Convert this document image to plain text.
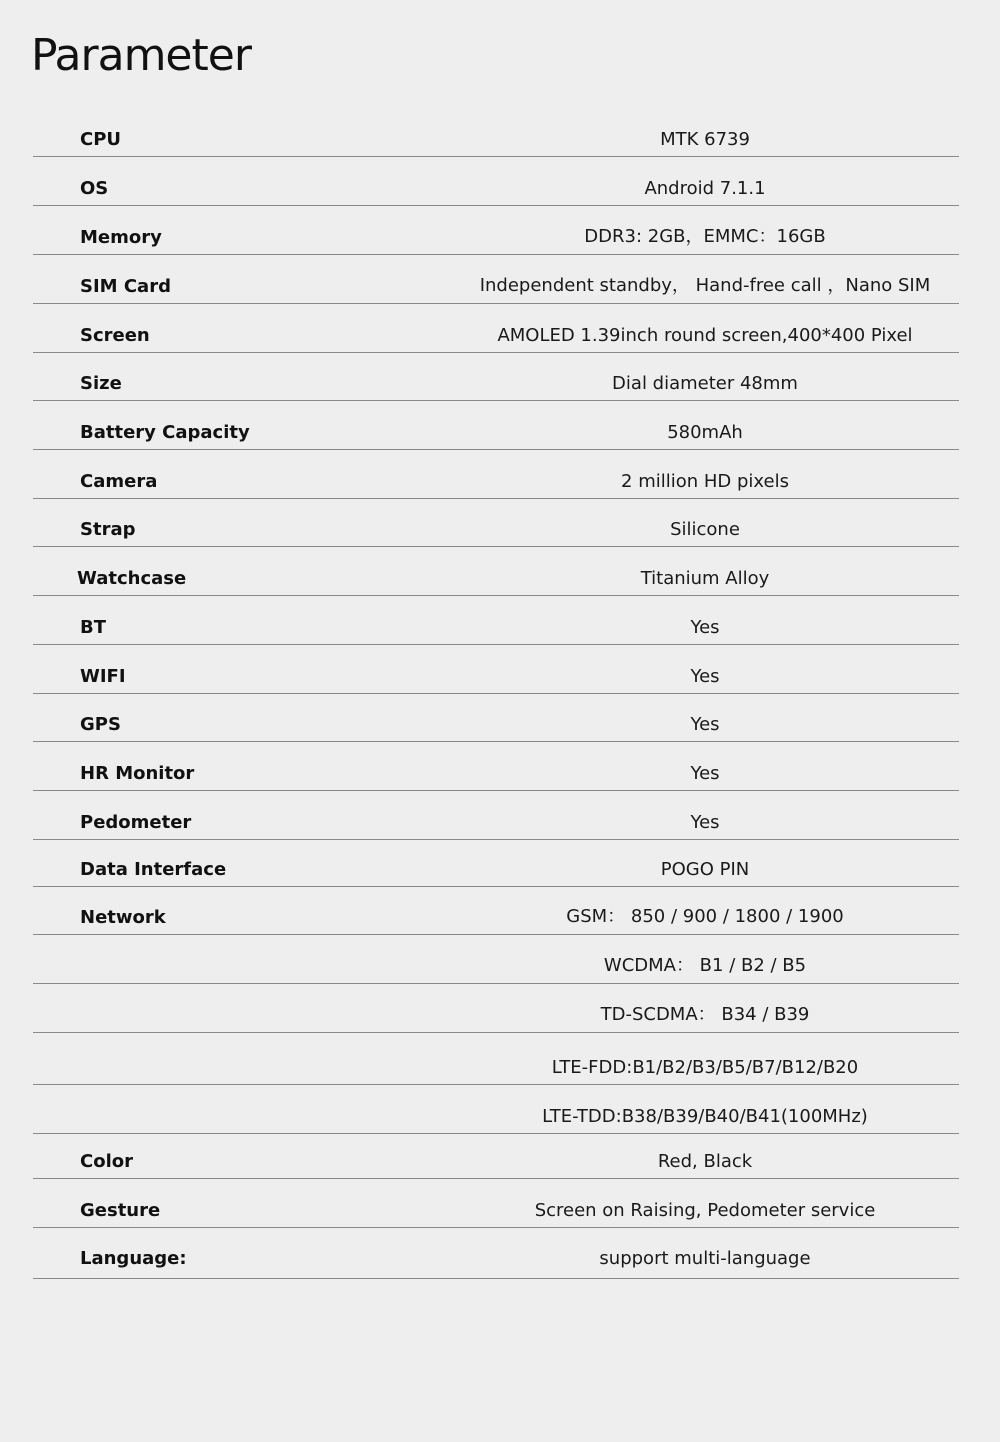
Parameter
CPU	MTK 6739
OS	Android 7.1.1
Memory	DDR3: 2GB，EMMC：16GB
SIM Card	Independent standby， Hand-free call ，Nano SIM
Screen	AMOLED 1.39inch round screen,400*400 Pixel
Size	Dial diameter 48mm
Battery Capacity	580mAh
Camera	2 million HD pixels
Strap	Silicone
Watchcase	Titanium Alloy
BT	Yes
WIFI	Yes
GPS	Yes
HR Monitor	Yes
Pedometer	Yes
Data Interface	POGO PIN
Network	GSM： 850 / 900 / 1800 / 1900
WCDMA： B1 / B2 / B5
TD-SCDMA： B34 / B39
LTE-FDD:B1/B2/B3/B5/B7/B12/B20
LTE-TDD:B38/B39/B40/B41(100MHz)
Color	Red, Black
Gesture	Screen on Raising, Pedometer service
Language:	support multi-language
